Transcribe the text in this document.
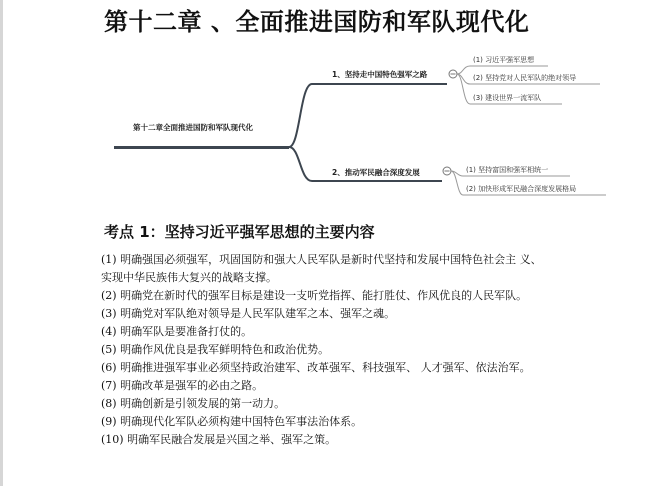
第十二章 、全面推进国防和军队现代化
第十二章全面推进国防和军队现代化
1、坚持走中国特色强军之路
2、推动军民融合深度发展
(1) 习近平强军思想
(2) 坚持党对人民军队的绝对领导
(3) 建设世界一流军队
(1) 坚持富国和强军相统一
(2) 加快形成军民融合深度发展格局
考点 1：坚持习近平强军思想的主要内容
(1) 明确强国必须强军，巩固国防和强大人民军队是新时代坚持和发展中国特色社会主 义、
实现中华民族伟大复兴的战略支撑。
(2) 明确党在新时代的强军目标是建设一支听党指挥、能打胜仗、作风优良的人民军队。
(3) 明确党对军队绝对领导是人民军队建军之本、强军之魂。
(4) 明确军队是要准备打仗的。
(5) 明确作风优良是我军鲜明特色和政治优势。
(6) 明确推进强军事业必须坚持政治建军、改革强军、科技强军、 人才强军、依法治军。
(7) 明确改革是强军的必由之路。
(8) 明确创新是引领发展的第一动力。
(9) 明确现代化军队必须构建中国特色军事法治体系。
(10) 明确军民融合发展是兴国之举、强军之策。
